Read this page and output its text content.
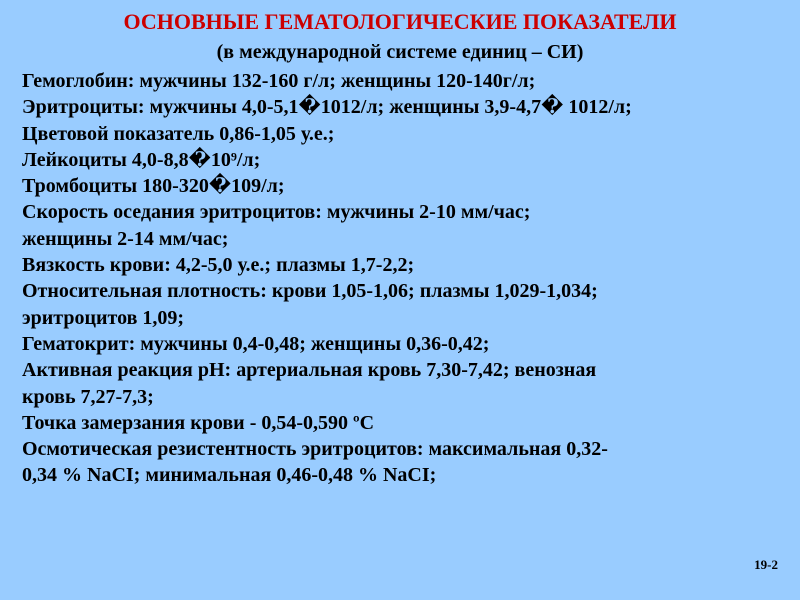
ОСНОВНЫЕ ГЕМАТОЛОГИЧЕСКИЕ ПОКАЗАТЕЛИ
(в международной системе единиц – СИ)
Гемоглобин: мужчины 132-160 г/л; женщины 120-140г/л;
Эритроциты: мужчины 4,0-5,1�1012/л; женщины 3,9-4,7� 1012/л;
Цветовой показатель 0,86-1,05 у.е.;
Лейкоциты 4,0-8,8�10⁹/л;
Тромбоциты 180-320�109/л;
Скорость оседания эритроцитов: мужчины 2-10 мм/час;
женщины 2-14 мм/час;
Вязкость крови: 4,2-5,0 у.е.; плазмы 1,7-2,2;
Относительная плотность: крови 1,05-1,06; плазмы 1,029-1,034;
эритроцитов 1,09;
Гематокрит: мужчины 0,4-0,48; женщины 0,36-0,42;
Активная реакция pH: артериальная кровь 7,30-7,42; венозная
кровь 7,27-7,3;
Точка замерзания крови - 0,54-0,590 ºС
Осмотическая резистентность эритроцитов: максимальная 0,32-
0,34 % NaCI; минимальная 0,46-0,48 % NaCI;
19-2
